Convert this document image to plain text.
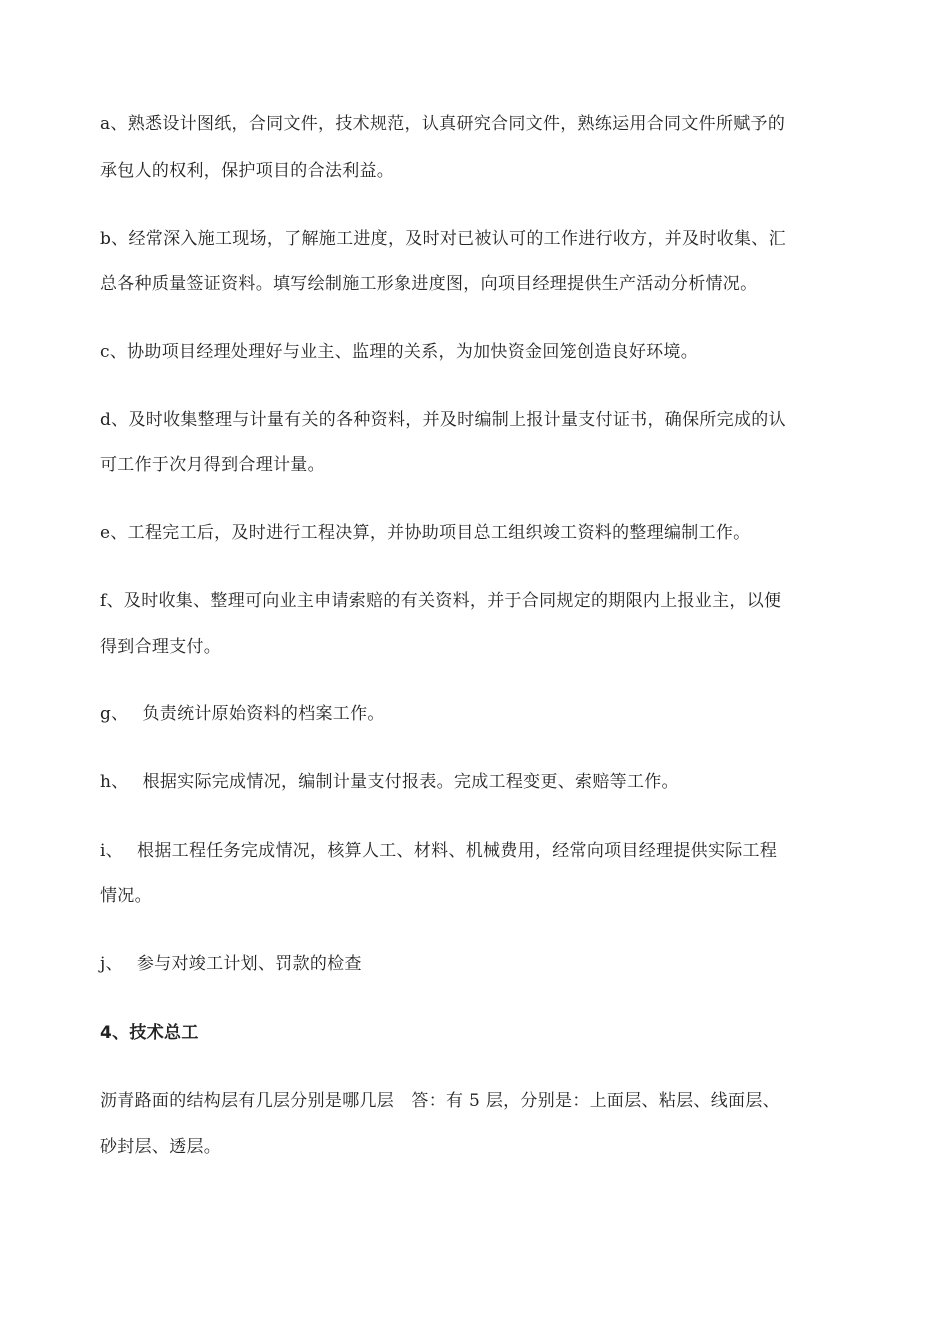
a、熟悉设计图纸，合同文件，技术规范，认真研究合同文件，熟练运用合同文件所赋予的
承包人的权利，保护项目的合法利益。
b、经常深入施工现场，了解施工进度，及时对已被认可的工作进行收方，并及时收集、汇
总各种质量签证资料。填写绘制施工形象进度图，向项目经理提供生产活动分析情况。
c、协助项目经理处理好与业主、监理的关系，为加快资金回笼创造良好环境。
d、及时收集整理与计量有关的各种资料，并及时编制上报计量支付证书，确保所完成的认
可工作于次月得到合理计量。
e、工程完工后，及时进行工程决算，并协助项目总工组织竣工资料的整理编制工作。
f、及时收集、整理可向业主申请索赔的有关资料，并于合同规定的期限内上报业主，以便
得到合理支付。
g、 负责统计原始资料的档案工作。
h、 根据实际完成情况，编制计量支付报表。完成工程变更、索赔等工作。
i、 根据工程任务完成情况，核算人工、材料、机械费用，经常向项目经理提供实际工程
情况。
j、 参与对竣工计划、罚款的检查
4、技术总工
沥青路面的结构层有几层分别是哪几层　答：有 5 层，分别是：上面层、粘层、线面层、
砂封层、透层。
